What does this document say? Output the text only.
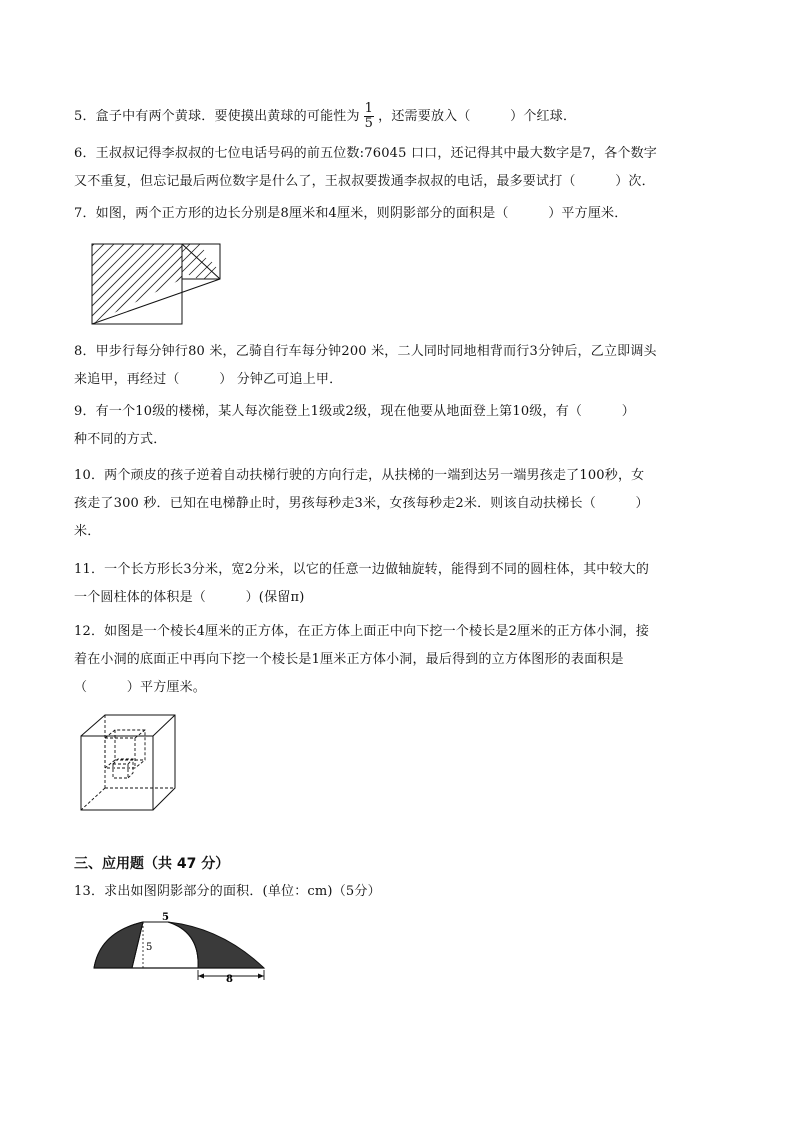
5．盒子中有两个黄球．要使摸出黄球的可能性为 $\frac{1}{5}$ ，还需要放入（　　　）个红球．
6．王叔叔记得李叔叔的七位电话号码的前五位数:76045 口口，还记得其中最大数字是7，各个数字
又不重复，但忘记最后两位数字是什么了，王叔叔要拨通李叔叔的电话，最多要试打（　　　）次．
7．如图，两个正方形的边长分别是8厘米和4厘米，则阴影部分的面积是（　　　）平方厘米．
8．甲步行每分钟行80 米，乙骑自行车每分钟200 米，二人同时同地相背而行3分钟后，乙立即调头
来追甲，再经过（　　　） 分钟乙可追上甲．
9．有一个10级的楼梯，某人每次能登上1级或2级，现在他要从地面登上第10级，有（　　　）
种不同的方式．
10．两个顽皮的孩子逆着自动扶梯行驶的方向行走，从扶梯的一端到达另一端男孩走了100秒，女
孩走了300 秒．已知在电梯静止时，男孩每秒走3米，女孩每秒走2米．则该自动扶梯长（　　　）
米．
11．一个长方形长3分米，宽2分米，以它的任意一边做轴旋转，能得到不同的圆柱体，其中较大的
一个圆柱体的体积是（　　　）(保留π)
12．如图是一个棱长4厘米的正方体，在正方体上面正中向下挖一个棱长是2厘米的正方体小洞，接
着在小洞的底面正中再向下挖一个棱长是1厘米正方体小洞，最后得到的立方体图形的表面积是
（　　　）平方厘米。
三、应用题（共 47 分）
13．求出如图阴影部分的面积．(单位：cm)（5分）
5
5
8
